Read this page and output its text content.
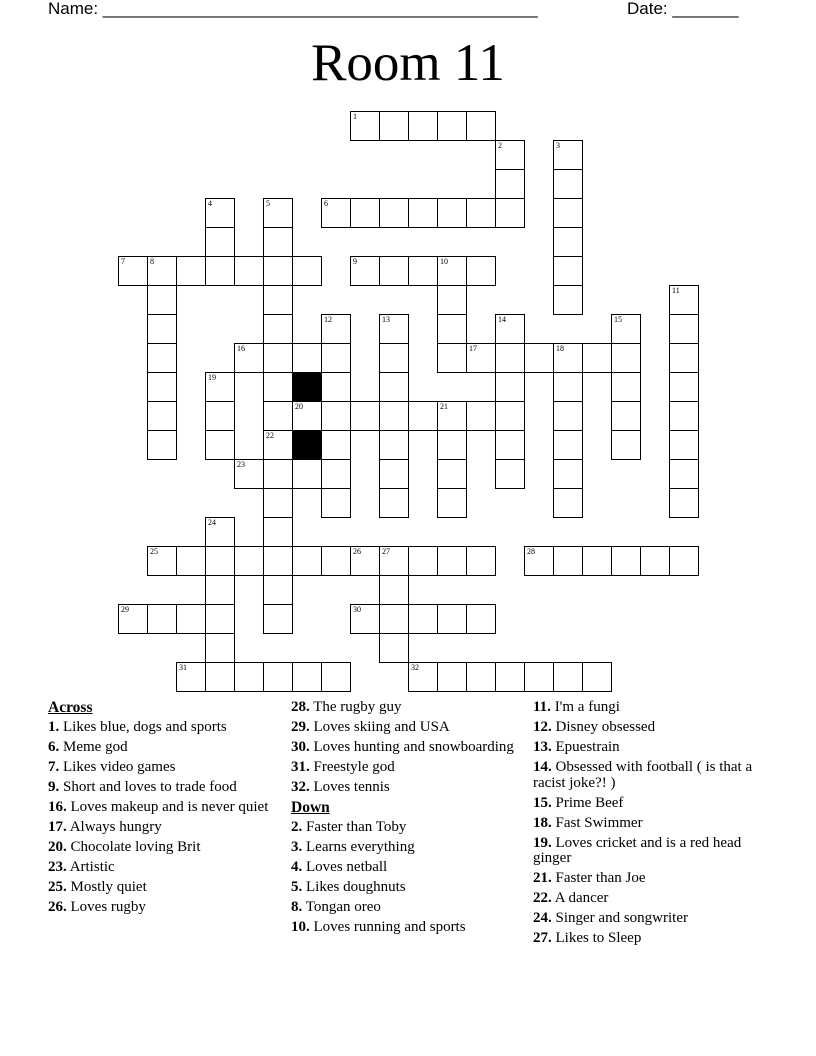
Name: ______________________________________________	Date: _______
Room 11
1
2	3
4	5
22
6
7	8	9	10
11
12	13	14	15
16	17	18
19
20	21
23
24
25	26	27	28
29	30
31	32
Across
1. Likes blue, dogs and sports
6. Meme god
7. Likes video games
9. Short and loves to trade food
16. Loves makeup and is never quiet
17. Always hungry
20. Chocolate loving Brit
23. Artistic
25. Mostly quiet
26. Loves rugby
28. The rugby guy
29. Loves skiing and USA
30. Loves hunting and snowboarding
31. Freestyle god
32. Loves tennis
Down
2. Faster than Toby
3. Learns everything
4. Loves netball
5. Likes doughnuts
8. Tongan oreo
10. Loves running and sports
11. I'm a fungi
12. Disney obsessed
13. Epuestrain
14. Obsessed with football ( is that a racist joke?! )
15. Prime Beef
18. Fast Swimmer
19. Loves cricket and is a red head ginger
21. Faster than Joe
22. A dancer
24. Singer and songwriter
27. Likes to Sleep
